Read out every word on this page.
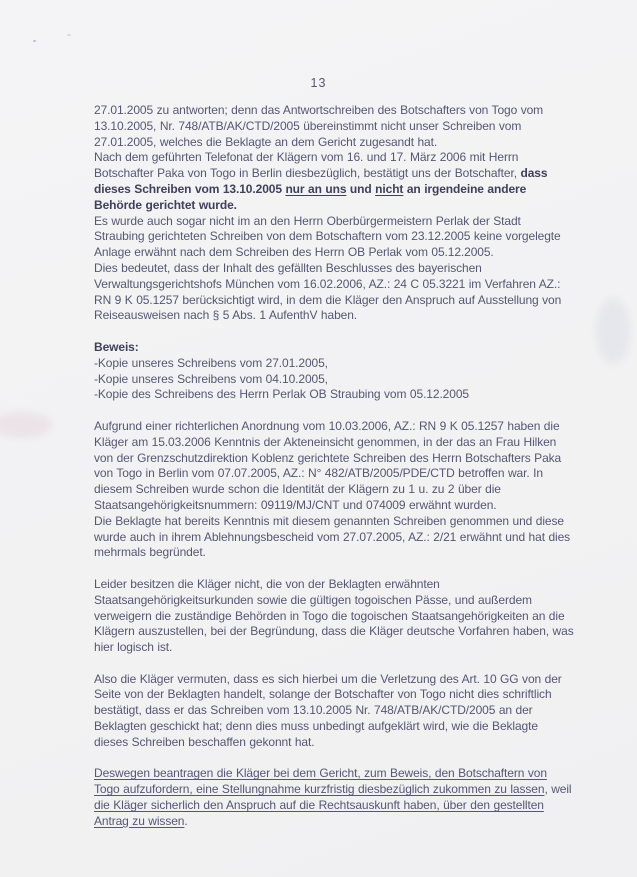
13

27.01.2005 zu antworten; denn das Antwortschreiben des Botschafters von Togo vom 13.10.2005, Nr. 748/ATB/AK/CTD/2005 übereinstimmt nicht unser Schreiben vom 27.01.2005, welches die Beklagte an dem Gericht zugesandt hat.

Nach dem geführten Telefonat der Klägern vom 16. und 17. März 2006 mit Herrn Botschafter Paka von Togo in Berlin diesbezüglich, bestätigt uns der Botschafter, dass dieses Schreiben vom 13.10.2005 nur an uns und nicht an irgendeine andere Behörde gerichtet wurde.

Es wurde auch sogar nicht im an den Herrn Oberbürgermeistern Perlak der Stadt Straubing gerichteten Schreiben von dem Botschaftern vom 23.12.2005 keine vorgelegte Anlage erwähnt nach dem Schreiben des Herrn OB Perlak vom 05.12.2005.

Dies bedeutet, dass der Inhalt des gefällten Beschlusses des bayerischen Verwaltungsgerichtshofs München vom 16.02.2006, AZ.: 24 C 05.3221 im Verfahren AZ.: RN 9 K 05.1257 berücksichtigt wird, in dem die Kläger den Anspruch auf Ausstellung von Reiseausweisen nach § 5 Abs. 1 AufenthV haben.

Beweis:

-Kopie unseres Schreibens vom 27.01.2005,

-Kopie unseres Schreibens vom 04.10.2005,

-Kopie des Schreibens des Herrn Perlak OB Straubing vom 05.12.2005

Aufgrund einer richterlichen Anordnung vom 10.03.2006, AZ.: RN 9 K 05.1257 haben die Kläger am 15.03.2006 Kenntnis der Akteneinsicht genommen, in der das an Frau Hilken von der Grenzschutzdirektion Koblenz gerichtete Schreiben des Herrn Botschafters Paka von Togo in Berlin vom 07.07.2005, AZ.: N° 482/ATB/2005/PDE/CTD betroffen war. In diesem Schreiben wurde schon die Identität der Klägern zu 1 u. zu 2 über die Staatsangehörigkeitsnummern: 09119/MJ/CNT und 074009 erwähnt wurden.

Die Beklagte hat bereits Kenntnis mit diesem genannten Schreiben genommen und diese wurde auch in ihrem Ablehnungsbescheid vom 27.07.2005, AZ.: 2/21 erwähnt und hat dies mehrmals begründet.

Leider besitzen die Kläger nicht, die von der Beklagten erwähnten Staatsangehörigkeitsurkunden sowie die gültigen togoischen Pässe, und außerdem verweigern die zuständige Behörden in Togo die togoischen Staatsangehörigkeiten an die Klägern auszustellen, bei der Begründung, dass die Kläger deutsche Vorfahren haben, was hier logisch ist.

Also die Kläger vermuten, dass es sich hierbei um die Verletzung des Art. 10 GG von der Seite von der Beklagten handelt, solange der Botschafter von Togo nicht dies schriftlich bestätigt, dass er das Schreiben vom 13.10.2005 Nr. 748/ATB/AK/CTD/2005 an der Beklagten geschickt hat; denn dies muss unbedingt aufgeklärt wird, wie die Beklagte dieses Schreiben beschaffen gekonnt hat.

Deswegen beantragen die Kläger bei dem Gericht, zum Beweis, den Botschaftern von Togo aufzufordern, eine Stellungnahme kurzfristig diesbezüglich zukommen zu lassen, weil die Kläger sicherlich den Anspruch auf die Rechtsauskunft haben, über den gestellten Antrag zu wissen.
